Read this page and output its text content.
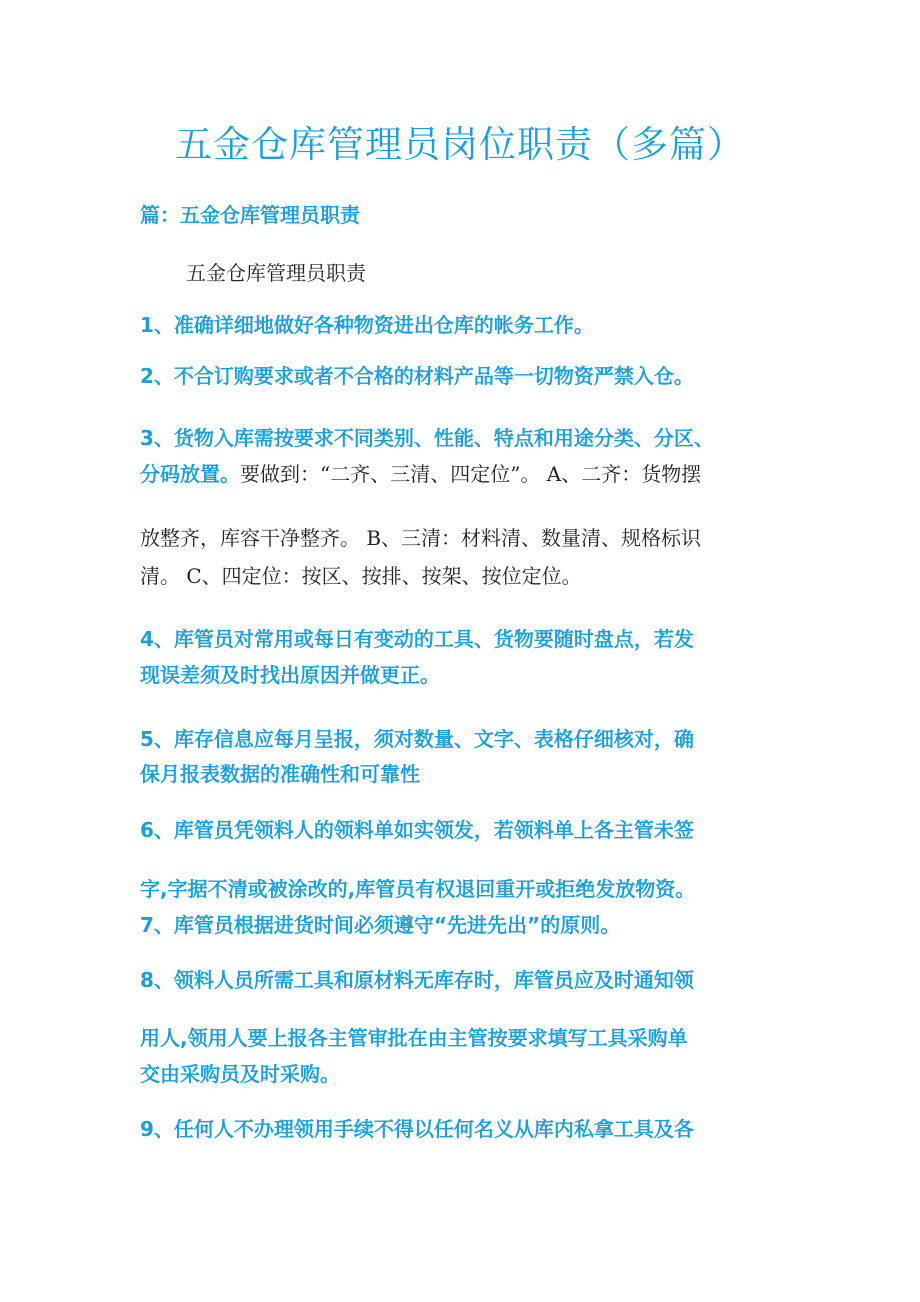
五金仓库管理员岗位职责（多篇）
篇：五金仓库管理员职责
五金仓库管理员职责
1、准确详细地做好各种物资进出仓库的帐务工作。
2、不合订购要求或者不合格的材料产品等一切物资严禁入仓。
3、货物入库需按要求不同类别、性能、特点和用途分类、分区、
分码放置。要做到：“二齐、三清、四定位”。 A、二齐：货物摆
放整齐，库容干净整齐。 B、三清：材料清、数量清、规格标识
清。 C、四定位：按区、按排、按架、按位定位。
4、库管员对常用或每日有变动的工具、货物要随时盘点，若发
现误差须及时找出原因并做更正。
5、库存信息应每月呈报，须对数量、文字、表格仔细核对，确
保月报表数据的准确性和可靠性
6、库管员凭领料人的领料单如实领发，若领料单上各主管未签
字,字据不清或被涂改的,库管员有权退回重开或拒绝发放物资。
7、库管员根据进货时间必须遵守“先进先出”的原则。
8、领料人员所需工具和原材料无库存时，库管员应及时通知领
用人,领用人要上报各主管审批在由主管按要求填写工具采购单
交由采购员及时采购。
9、任何人不办理领用手续不得以任何名义从库内私拿工具及各
